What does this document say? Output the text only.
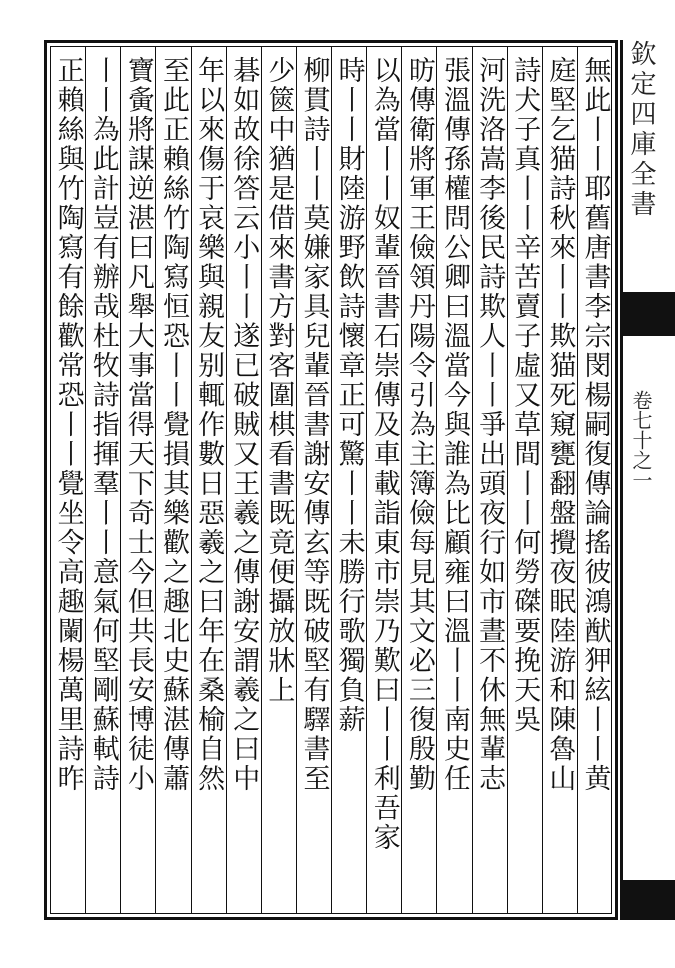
無此丨丨耶舊唐書李宗閔楊嗣復傳論搖彼鴻猷狎絃丨丨黄
庭堅乞猫詩秋來丨丨欺猫死窺甕翻盤攪夜眠陸游和陳魯山
詩犬子真丨丨辛苦賣子虛又草間丨丨何勞磔要挽天吳
河洗洛嵩李後民詩欺人丨丨爭出頭夜行如市晝不休無輩志
張溫傳孫權問公卿曰溫當今與誰為比顧雍曰溫丨丨南史任
昉傳衛將軍王儉領丹陽令引為主簿儉每見其文必三復殷勤
以為當丨丨奴輩晉書石崇傳及車載詣東市崇乃歎曰丨丨利吾家
時丨丨財陸游野飲詩懷章正可驚丨丨未勝行歌獨負薪
柳貫詩丨丨莫嫌家具兒輩晉書謝安傳玄等既破堅有驛書至
少篋中猶是借來書方對客圍棋看書既竟便攝放牀上
碁如故徐答云小丨丨遂已破賊又王羲之傳謝安謂羲之曰中
年以來傷于哀樂與親友别輒作數日惡羲之曰年在桑榆自然
至此正賴絲竹陶寫恒恐丨丨覺損其樂歡之趣北史蘇湛傳蕭
寶夤將謀逆湛曰凡舉大事當得天下奇士今但共長安博徒小
丨丨為此計豈有辦哉杜牧詩指揮羣丨丨意氣何堅剛蘇軾詩
正賴絲與竹陶寫有餘歡常恐丨丨覺坐令高趣闌楊萬里詩昨	欽定四庫全書
卷七十之一
